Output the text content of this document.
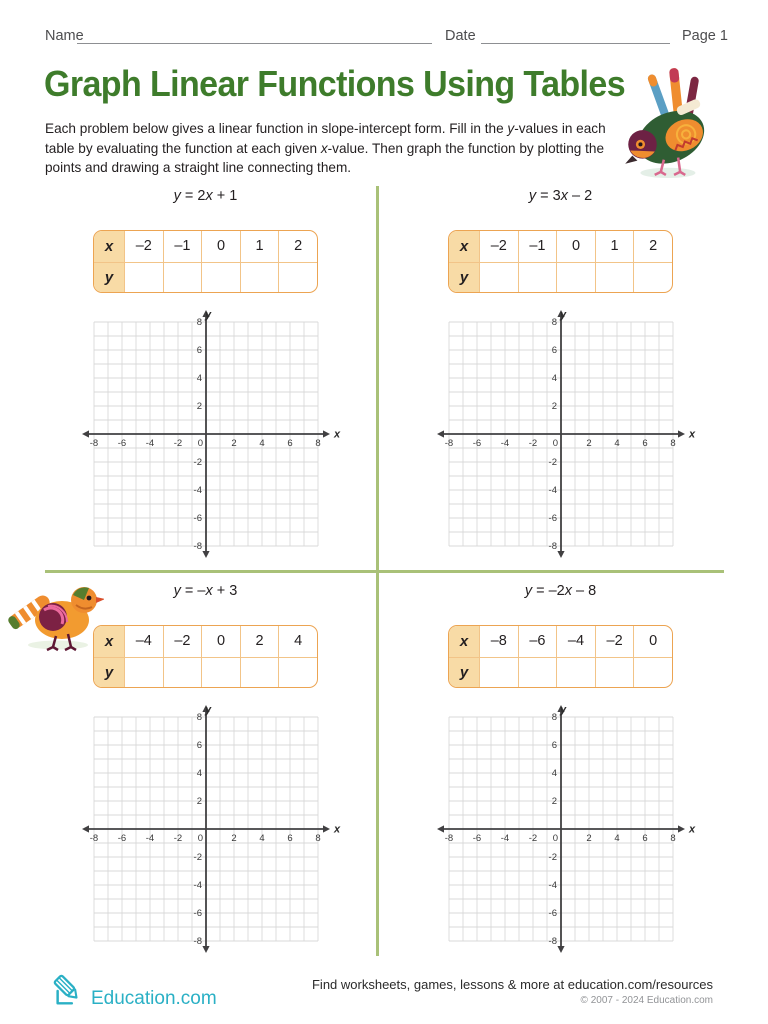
Name	Date	Page 1
Graph Linear Functions Using Tables

Each problem below gives a linear function in slope-intercept form. Fill in the y-values in each table by evaluating the function at each given x-value. Then graph the function by plotting the points and drawing a straight line connecting them.

y = 2x + 1
x	–2	–1	0	1	2
y
-8
-8
-6
-6
-4
-4
-2
-2
0	2
2
4
4
6
6
8
8
x
y
y = 3x – 2
x	–2	–1	0	1	2
y
-8
-8
-6
-6
-4
-4
-2
-2
0	2
2
4
4
6
6
8
8
x
y
y = –x + 3
x	–4	–2	0	2	4
y
-8
-8
-6
-6
-4
-4
-2
-2
0	2
2
4
4
6
6
8
8
x
y
y = –2x – 8
x	–8	–6	–4	–2	0
y
-8
-8
-6
-6
-4
-4
-2
-2
0	2
2
4
4
6
6
8
8
x
y
Education.com
Find worksheets, games, lessons & more at education.com/resources
© 2007 - 2024 Education.com
